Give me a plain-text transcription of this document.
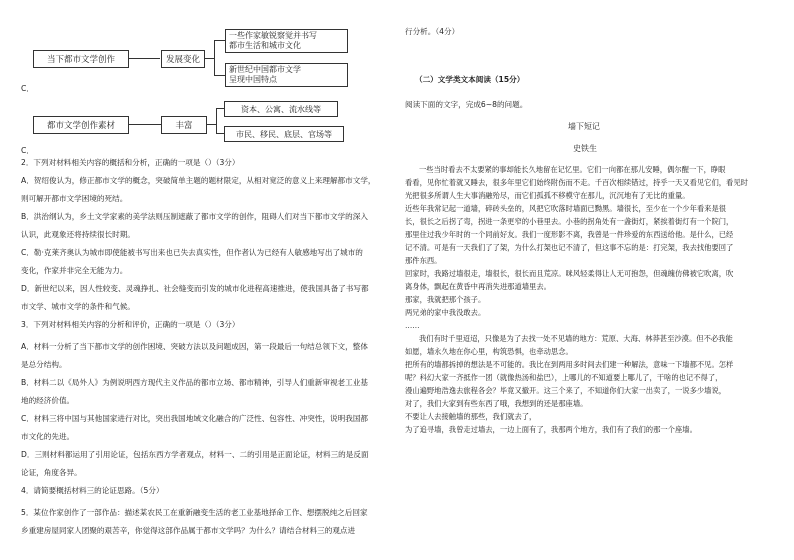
当下都市文学创作	发展变化
一些作家敏锐察觉并书写
都市生活和城市文化
新世纪中国都市文学
呈现中国特点
C．
都市文学创作素材	丰富
资本、公寓、流水线等
市民、移民、底层、官场等
C．
2．下列对材料相关内容的概括和分析，正确的一项是（）（3分）
A．贺绍俊认为，修正都市文学的概念，突破简单主题的题材限定，从相对宽泛的意义上来理解都市文学，
则可解开都市文学困境的死结。
B．洪治纲认为，乡土文学家素的美学法则压制遮蔽了都市文学的创作，阻碍人们对当下都市文学的深入
认识，此观象还将持续很长时期。
C．勒·克莱齐奥认为城市即使能被书写出来也已失去真实性，但作者认为已经有人敏感地写出了城市的
变化，作家并非完全无能为力。
D．新世纪以来，因人性较变、灵魂挣扎、社会缝变而引发的城市化进程高速推进，使我国具备了书写都
市文学、城市文学的条件和气候。
3．下列对材料相关内容的分析和评价，正确的一项是（）（3分）
A．材料一分析了当下都市文学的创作困境、突破方法以及问题成因，第一段最后一句结总领下文，整体
是总分结构。
B．材料二以《局外人》为例说明西方现代主义作品的都市立场、都市精神，引导人们重新审视老工业基
地的经济价值。
C．材料三将中国与其他国家进行对比，突出我国地域文化融合的广泛性、包容性、冲突性，说明我国都
市文化的先进。
D．三则材料都运用了引用论证，包括东西方学者观点，材料一、二的引用是正面论证，材料三的是反面
论证，角度各异。
4．请简要概括材料三的论证思路。（5分）
5．某位作家创作了一部作品：描述某农民工在重新融变生活的老工业基地择命工作、想摆脱纯之后回家
乡重建房屋同家人团聚的艰苦辛，你觉得这部作品属于都市文学吗？为什么？请结合材料三的观点进
行分析。（4分）
（二）文学类文本阅读（15分）
阅读下面的文字，完成6~8的问题。
墙下短记
史铁生
一些当时看去不太要紧的事却能长久地留在记忆里。它们一向都在那儿安睡，偶尔醒一下，睁眼
看看，见你忙着就又睡去，很多年里它们始终附伤而不走。千百次相续错过，持乎一天又看见它们，看见时
光把很多所谓人生大事消融殆尽，而它们孤孤不移模守在那儿，沉沉地有了无比的重量。
近些年我常记起一道墙，碎砖头垒的，风把它吹落时墙面已黝黑。墙很长，至少在一个少年看来是很
长，很长之后拐了弯，拐进一条更窄的小巷里去。小巷的拐角处有一盏街灯，紧挨着街灯有一个院门，
那里住过我少年时的一个同前好友。我们一度形影不离，我曾是一件珍爱的东西送给他。是什么，已经
记不清。可是有一天我们了了架，为什么打架也记不清了，但这事不忘的是：打完架，我去找他要回了
那件东西。
回家时，我路过墙很走，墙很长，很长而且荒凉。咪风轻柔得让人无可抱怨，但魂魄仿佛被它吹离，吹
离身体，飘起在黄昏中再消失进那道墙里去。
那家，我就把那个孩子。
两兄弟的家中我没敢去。
……
我们有时千里迢迢，只像是为了去找一处不见墙的地方：荒原、大海、林莽甚至沙漠。但不必我能
如愿，墙永久地在你心里，构筑恐惧，也牵动思念。
把所有的墙都拆掉的想法是不可能的。我比在到两用多时间去们建一种解法，意味一下墙都不见。怎样
呢？科幻大家一齐抵作一团（就像热汤和盐巴），上哪儿的不知道要上哪儿了，干啥的也记不得了，
漫山遍野地浩逸去旅程各会？毕竟又撤开。这三个来了，不知道你们大家一出卖了，一说多少墙说，
对了，我们大家到有些东西了哦，我想到的还是那座墙。
不要让人去接触墙的那些，我们就去了，
为了追寻墙，我曾走过墙去，一边上面有了，我那两个地方，我们有了我们的那一个座墙。
